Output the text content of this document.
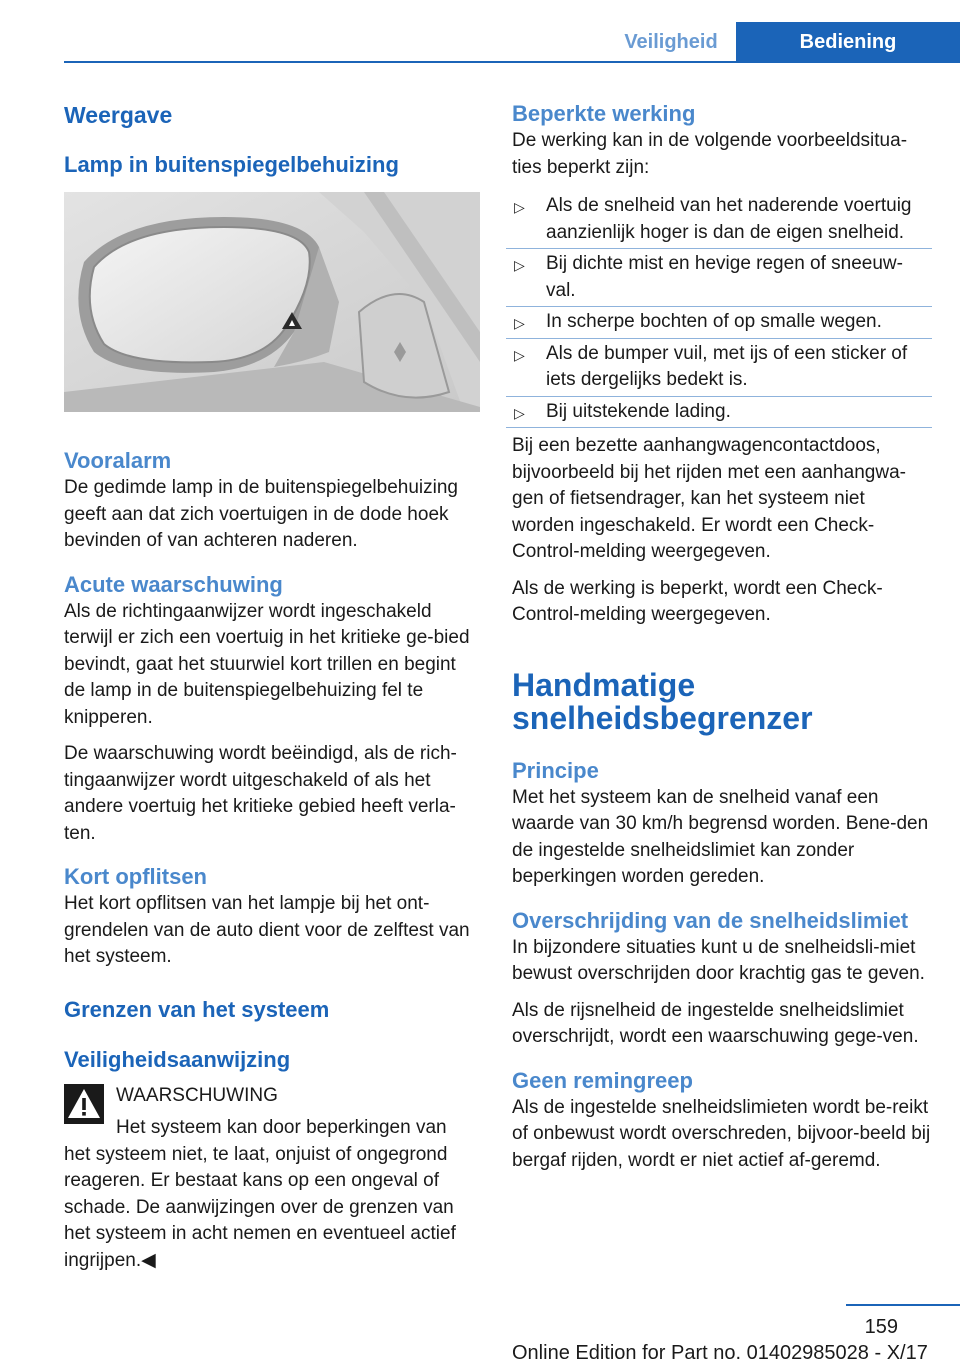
Veiligheid	Bediening
Weergave
Lamp in buitenspiegelbehuizing
Vooralarm

De gedimde lamp in de buitenspiegelbehuizing geeft aan dat zich voertuigen in de dode hoek bevinden of van achteren naderen.

Acute waarschuwing

Als de richtingaanwijzer wordt ingeschakeld terwijl er zich een voertuig in het kritieke ge-bied bevindt, gaat het stuurwiel kort trillen en begint de lamp in de buitenspiegelbehuizing fel te knipperen.

De waarschuwing wordt beëindigd, als de rich-tingaanwijzer wordt uitgeschakeld of als het andere voertuig het kritieke gebied heeft verla-ten.

Kort opflitsen

Het kort opflitsen van het lampje bij het ont-grendelen van de auto dient voor de zelftest van het systeem.

Grenzen van het systeem
Veiligheidsaanwijzing

WAARSCHUWING

Het systeem kan door beperkingen van

het systeem niet, te laat, onjuist of ongegrond reageren. Er bestaat kans op een ongeval of schade. De aanwijzingen over de grenzen van het systeem in acht nemen en eventueel actief ingrijpen.◀

Beperkte werking

De werking kan in de volgende voorbeeldsitua-ties beperkt zijn:

▷ Als de snelheid van het naderende voertuig aanzienlijk hoger is dan de eigen snelheid.
▷ Bij dichte mist en hevige regen of sneeuw-val.
▷ In scherpe bochten of op smalle wegen.
▷ Als de bumper vuil, met ijs of een sticker of iets dergelijks bedekt is.
▷ Bij uitstekende lading.

Bij een bezette aanhangwagencontactdoos, bijvoorbeeld bij het rijden met een aanhangwa-gen of fietsendrager, kan het systeem niet worden ingeschakeld. Er wordt een Check-Control-melding weergegeven.

Als de werking is beperkt, wordt een Check-Control-melding weergegeven.

Handmatige snelheidsbegrenzer
Principe

Met het systeem kan de snelheid vanaf een waarde van 30 km/h begrensd worden. Bene-den de ingestelde snelheidslimiet kan zonder beperkingen worden gereden.

Overschrijding van de snelheidslimiet

In bijzondere situaties kunt u de snelheidsli-miet bewust overschrijden door krachtig gas te geven.

Als de rijsnelheid de ingestelde snelheidslimiet overschrijdt, wordt een waarschuwing gege-ven.

Geen remingreep

Als de ingestelde snelheidslimieten wordt be-reikt of onbewust wordt overschreden, bijvoor-beeld bij bergaf rijden, wordt er niet actief af-geremd.

159
Online Edition for Part no. 01402985028 - X/17
